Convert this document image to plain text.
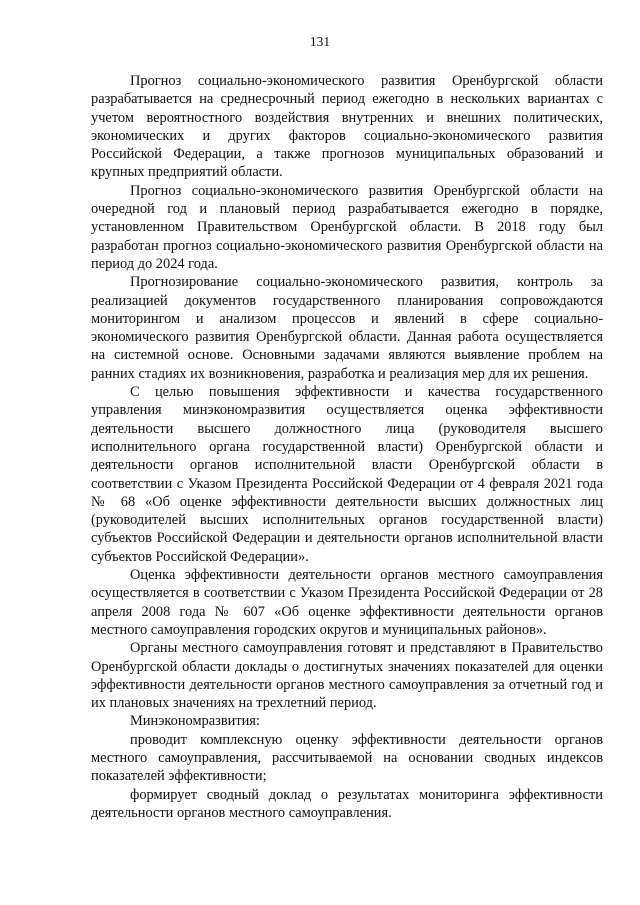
131

Прогноз социально-экономического развития Оренбургской области разрабатывается на среднесрочный период ежегодно в нескольких вариантах с учетом вероятностного воздействия внутренних и внешних политических, экономических и других факторов социально-экономического развития Российской Федерации, а также прогнозов муниципальных образований и крупных предприятий области.

Прогноз социально-экономического развития Оренбургской области на очередной год и плановый период разрабатывается ежегодно в порядке, установленном Правительством Оренбургской области. В 2018 году был разработан прогноз социально-экономического развития Оренбургской области на период до 2024 года.

Прогнозирование социально-экономического развития, контроль за реализацией документов государственного планирования сопровождаются мониторингом и анализом процессов и явлений в сфере социально-экономического развития Оренбургской области. Данная работа осуществляется на системной основе. Основными задачами являются выявление проблем на ранних стадиях их возникновения, разработка и реализация мер для их решения.

С целью повышения эффективности и качества государственного управления минэкономразвития осуществляется оценка эффективности деятельности высшего должностного лица (руководителя высшего исполнительного органа государственной власти) Оренбургской области и деятельности органов исполнительной власти Оренбургской области в соответствии с Указом Президента Российской Федерации от 4 февраля 2021 года № 68 «Об оценке эффективности деятельности высших должностных лиц (руководителей высших исполнительных органов государственной власти) субъектов Российской Федерации и деятельности органов исполнительной власти субъектов Российской Федерации».

Оценка эффективности деятельности органов местного самоуправления осуществляется в соответствии с Указом Президента Российской Федерации от 28 апреля 2008 года № 607 «Об оценке эффективности деятельности органов местного самоуправления городских округов и муниципальных районов».

Органы местного самоуправления готовят и представляют в Правительство Оренбургской области доклады о достигнутых значениях показателей для оценки эффективности деятельности органов местного самоуправления за отчетный год и их плановых значениях на трехлетний период.

Минэкономразвития:

проводит комплексную оценку эффективности деятельности органов местного самоуправления, рассчитываемой на основании сводных индексов показателей эффективности;

формирует сводный доклад о результатах мониторинга эффективности деятельности органов местного самоуправления.
